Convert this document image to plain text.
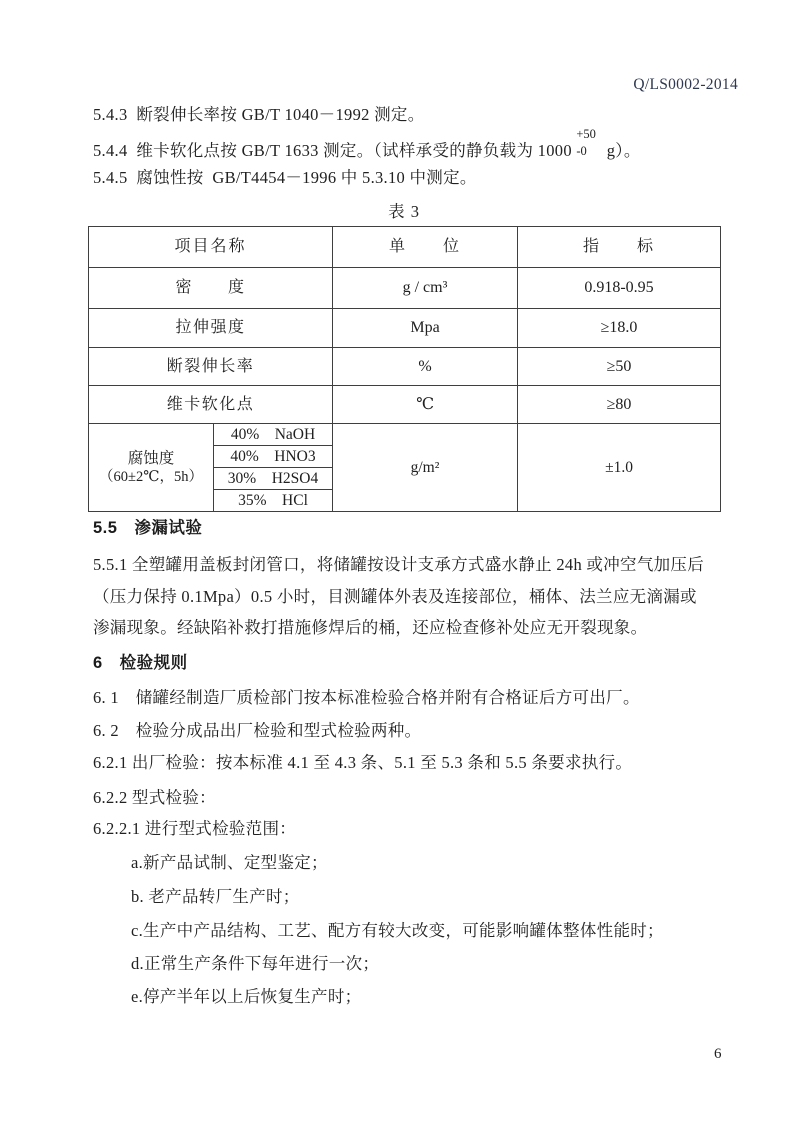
Q/LS0002-2014
5.4.3  断裂伸长率按 GB/T 1040－1992 测定。
5.4.4  维卡软化点按 GB/T 1633 测定。（试样承受的静负载为 1000
+50
-0 g）。
5.4.5  腐蚀性按  GB/T4454－1996 中 5.3.10 中测定。
表 3
项目名称		单　　位	指　　标
密　　度		g / cm³	0.918-0.95
拉伸强度		Mpa	≥18.0
断裂伸长率		%	≥50
维卡软化点		℃	≥80

腐蚀度
（60±2℃，5h）	40%　NaOH	g/m²	±1.0
	40%　HNO3		
	30%　H2SO4		
	35%　HCl		
5.5　渗漏试验
5.5.1 全塑罐用盖板封闭管口，将储罐按设计支承方式盛水静止 24h 或冲空气加压后
（压力保持 0.1Mpa）0.5 小时，目测罐体外表及连接部位，桶体、法兰应无滴漏或
渗漏现象。经缺陷补救打措施修焊后的桶，还应检查修补处应无开裂现象。
6　检验规则
6. 1　储罐经制造厂质检部门按本标准检验合格并附有合格证后方可出厂。
6. 2　检验分成品出厂检验和型式检验两种。
6.2.1 出厂检验：按本标准 4.1 至 4.3 条、5.1 至 5.3 条和 5.5 条要求执行。
6.2.2 型式检验：
6.2.2.1 进行型式检验范围：
a.新产品试制、定型鉴定；
b. 老产品转厂生产时；
c.生产中产品结构、工艺、配方有较大改变，可能影响罐体整体性能时；
d.正常生产条件下每年进行一次；
e.停产半年以上后恢复生产时；
6
